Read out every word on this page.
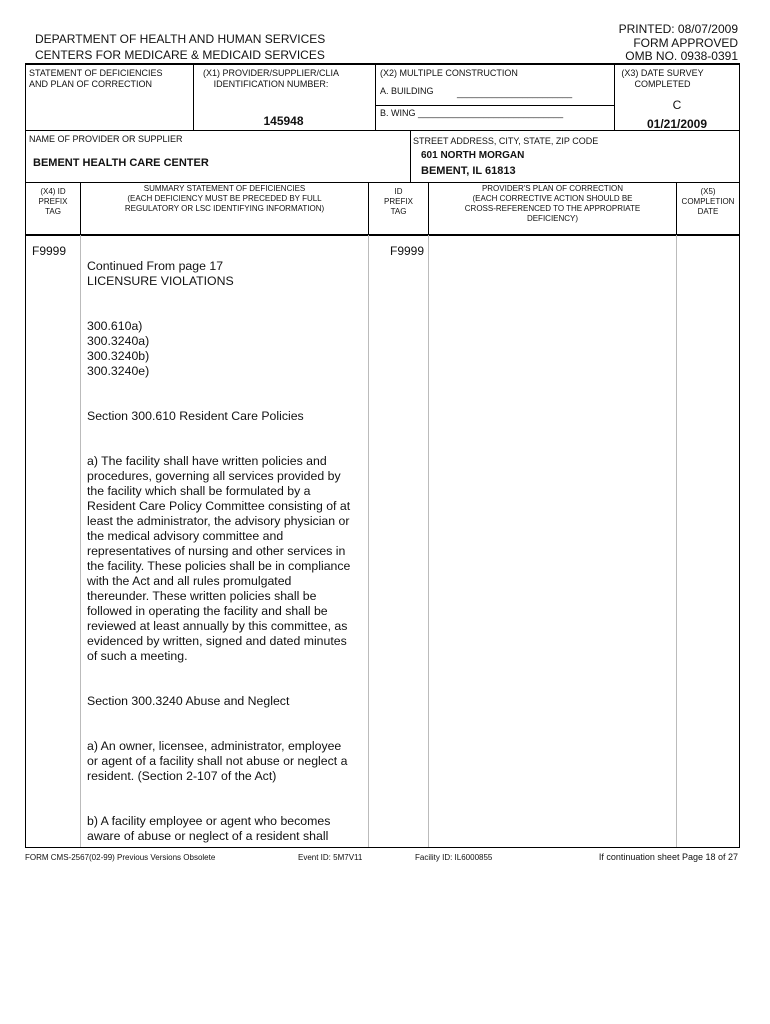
DEPARTMENT OF HEALTH AND HUMAN SERVICES
CENTERS FOR MEDICARE & MEDICAID SERVICES
PRINTED: 08/07/2009
FORM APPROVED
OMB NO. 0938-0391
STATEMENT OF DEFICIENCIES
AND PLAN OF CORRECTION
(X1) PROVIDER/SUPPLIER/CLIA
IDENTIFICATION NUMBER:
145948
(X2) MULTIPLE CONSTRUCTION
A. BUILDING	_______________________
B. WING _____________________________
(X3) DATE SURVEY
COMPLETED
C
01/21/2009
NAME OF PROVIDER OR SUPPLIER
BEMENT HEALTH CARE CENTER
STREET ADDRESS, CITY, STATE, ZIP CODE
601 NORTH MORGAN
BEMENT, IL 61813
(X4) ID
PREFIX
TAG
SUMMARY STATEMENT OF DEFICIENCIES
(EACH DEFICIENCY MUST BE PRECEDED BY FULL
REGULATORY OR LSC IDENTIFYING INFORMATION)
ID
PREFIX
TAG
PROVIDER'S PLAN OF CORRECTION
(EACH CORRECTIVE ACTION SHOULD BE
CROSS-REFERENCED TO THE APPROPRIATE
DEFICIENCY)
(X5)
COMPLETION
DATE
F9999	F9999

Continued From page 17
LICENSURE VIOLATIONS

300.610a)
300.3240a)
300.3240b)
300.3240e)

Section 300.610 Resident Care Policies

a) The facility shall have written policies and
procedures, governing all services provided by
the facility which shall be formulated by a
Resident Care Policy Committee consisting of at
least the administrator, the advisory physician or
the medical advisory committee and
representatives of nursing and other services in
the facility. These policies shall be in compliance
with the Act and all rules promulgated
thereunder. These written policies shall be
followed in operating the facility and shall be
reviewed at least annually by this committee, as
evidenced by written, signed and dated minutes
of such a meeting.

Section 300.3240 Abuse and Neglect

a) An owner, licensee, administrator, employee
or agent of a facility shall not abuse or neglect a
resident. (Section 2-107 of the Act)

b) A facility employee or agent who becomes
aware of abuse or neglect of a resident shall

FORM CMS-2567(02-99) Previous Versions Obsolete	Event ID: 5M7V11	Facility ID: IL6000855	If continuation sheet Page 18 of 27
